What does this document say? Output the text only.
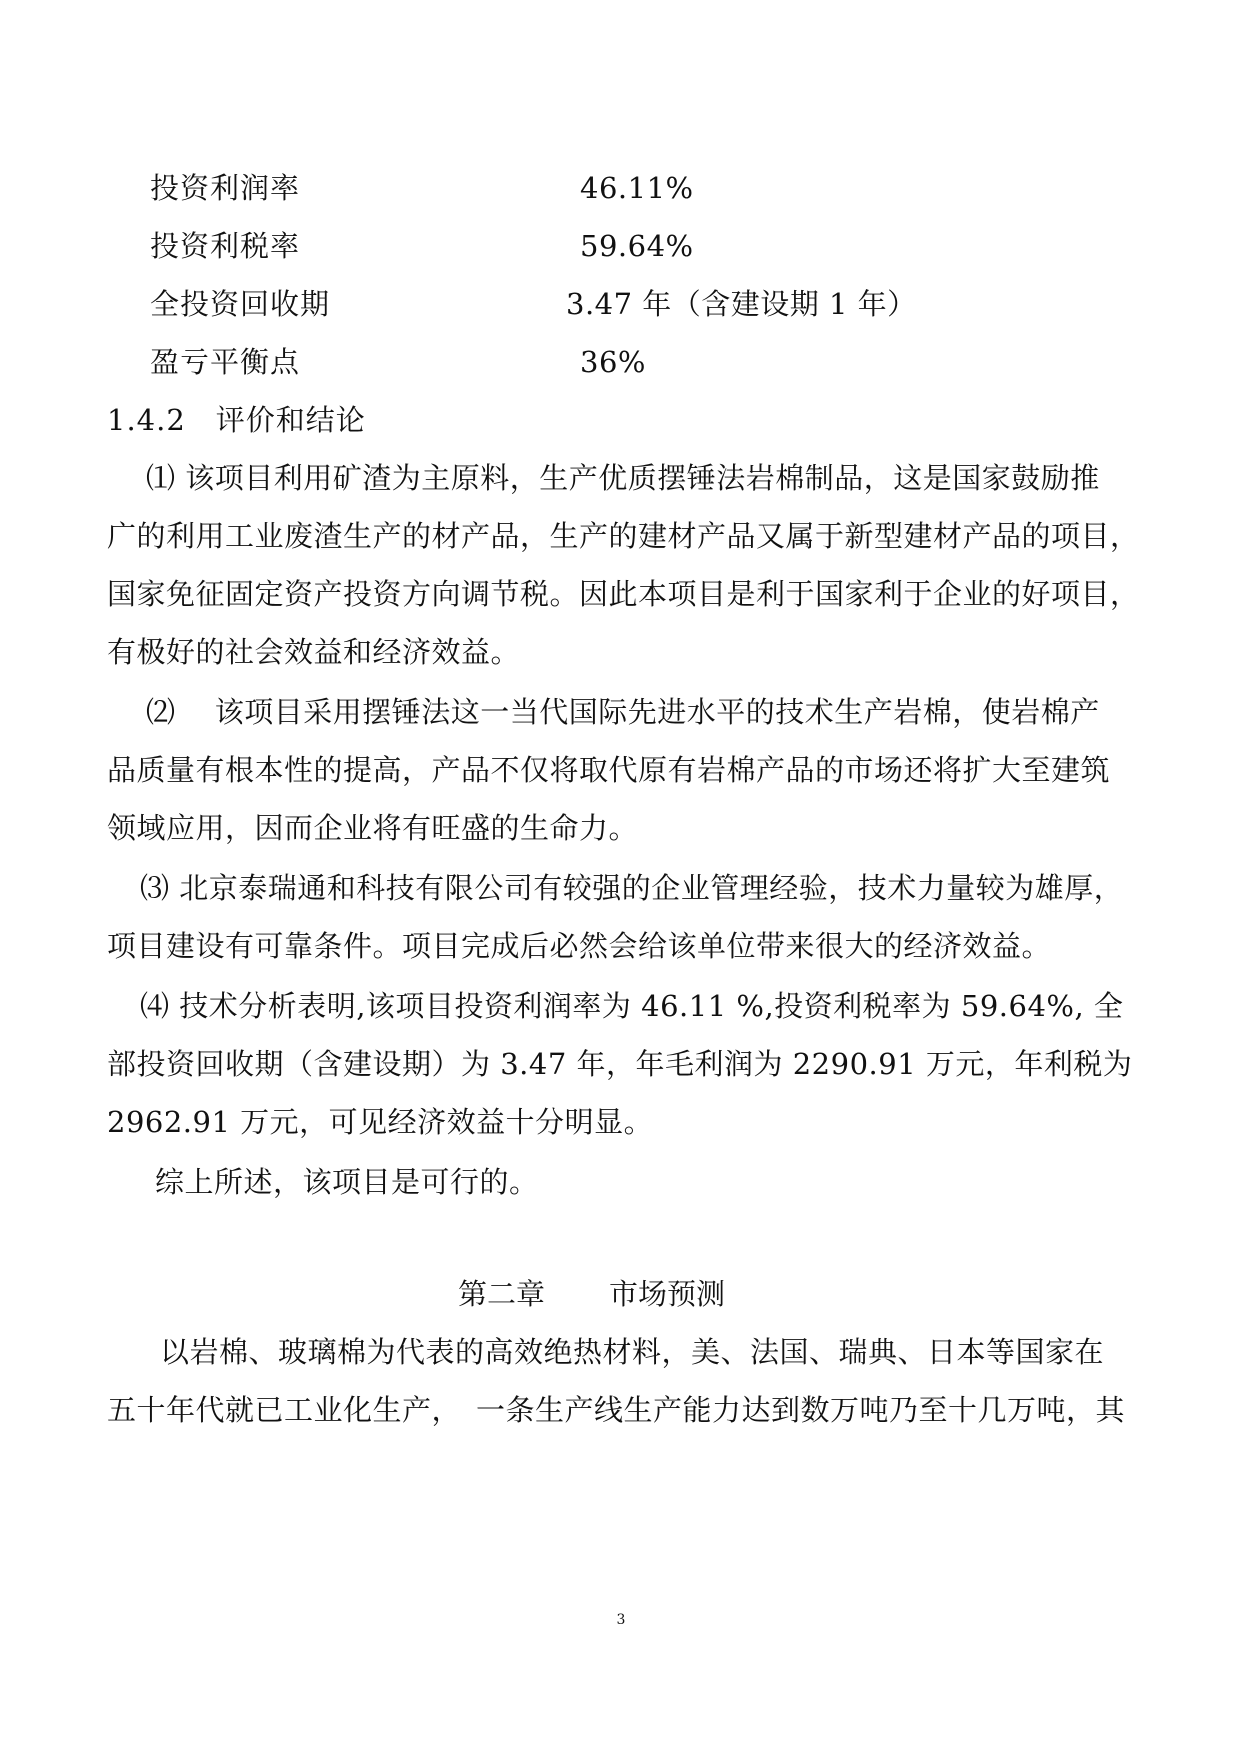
投资利润率	46.11%
投资利税率	59.64%
全投资回收期	3.47 年（含建设期 1 年）
盈亏平衡点	36%
1.4.2 评价和结论
⑴ 该项目利用矿渣为主原料，生产优质摆锤法岩棉制品，这是国家鼓励推
广的利用工业废渣生产的材产品，生产的建材产品又属于新型建材产品的项目，
国家免征固定资产投资方向调节税。因此本项目是利于国家利于企业的好项目，
有极好的社会效益和经济效益。
⑵　 该项目采用摆锤法这一当代国际先进水平的技术生产岩棉，使岩棉产
品质量有根本性的提高，产品不仅将取代原有岩棉产品的市场还将扩大至建筑
领域应用，因而企业将有旺盛的生命力。
⑶ 北京泰瑞通和科技有限公司有较强的企业管理经验，技术力量较为雄厚，
项目建设有可靠条件。项目完成后必然会给该单位带来很大的经济效益。
⑷ 技术分析表明,该项目投资利润率为 46.11 %,投资利税率为 59.64%, 全
部投资回收期（含建设期）为 3.47 年，年毛利润为 2290.91 万元，年利税为
2962.91 万元，可见经济效益十分明显。
综上所述，该项目是可行的。
第二章 市场预测
以岩棉、玻璃棉为代表的高效绝热材料，美、法国、瑞典、日本等国家在
五十年代就已工业化生产，　一条生产线生产能力达到数万吨乃至十几万吨，其
3
